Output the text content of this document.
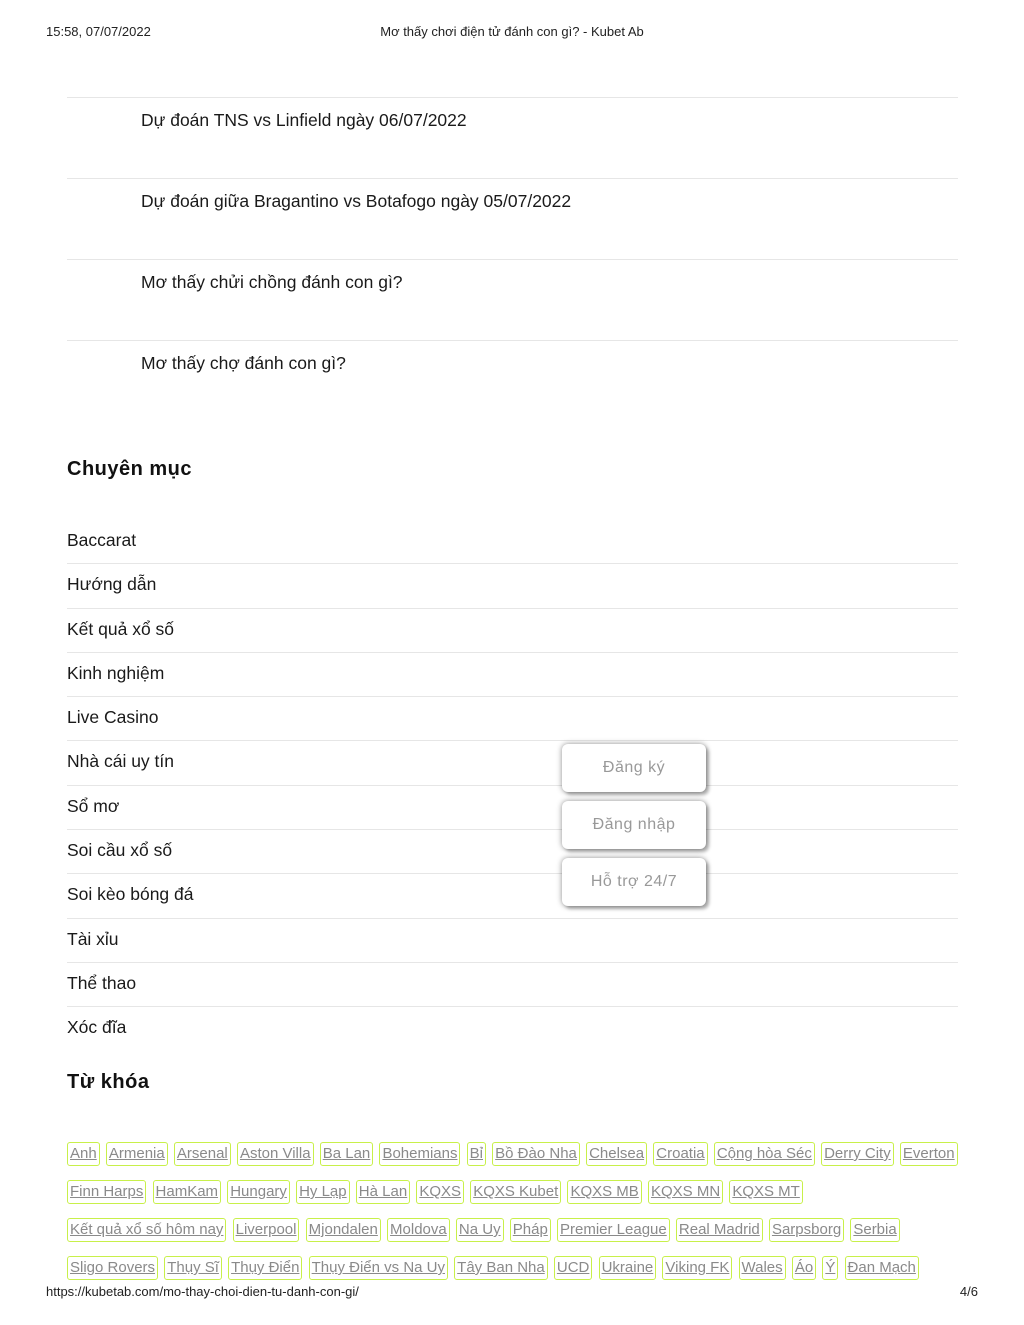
15:58, 07/07/2022	Mơ thấy chơi điện tử đánh con gì? - Kubet Ab
Dự đoán TNS vs Linfield ngày 06/07/2022
Dự đoán giữa Bragantino vs Botafogo ngày 05/07/2022
Mơ thấy chửi chồng đánh con gì?
Mơ thấy chợ đánh con gì?
Chuyên mục
Baccarat
Hướng dẫn
Kết quả xổ số
Kinh nghiệm
Live Casino
Nhà cái uy tín
Sổ mơ
Soi cầu xổ số
Soi kèo bóng đá
Tài xỉu
Thể thao
Xóc đĩa
Từ khóa
Anh Armenia Arsenal Aston Villa Ba Lan Bohemians Bỉ Bồ Đào Nha Chelsea Croatia Cộng hòa Séc Derry City Everton Finn Harps HamKam Hungary Hy Lạp Hà Lan KQXS KQXS Kubet KQXS MB KQXS MN KQXS MT Kết quả xổ số hôm nay Liverpool Mjondalen Moldova Na Uy Pháp Premier League Real Madrid Sarpsborg Serbia Sligo Rovers Thụy Sĩ Thụy Điển Thụy Điển vs Na Uy Tây Ban Nha UCD Ukraine Viking FK Wales Áo Ý Đan Mạch
Đăng ký
Đăng nhập
Hỗ trợ 24/7
https://kubetab.com/mo-thay-choi-dien-tu-danh-con-gi/	4/6
